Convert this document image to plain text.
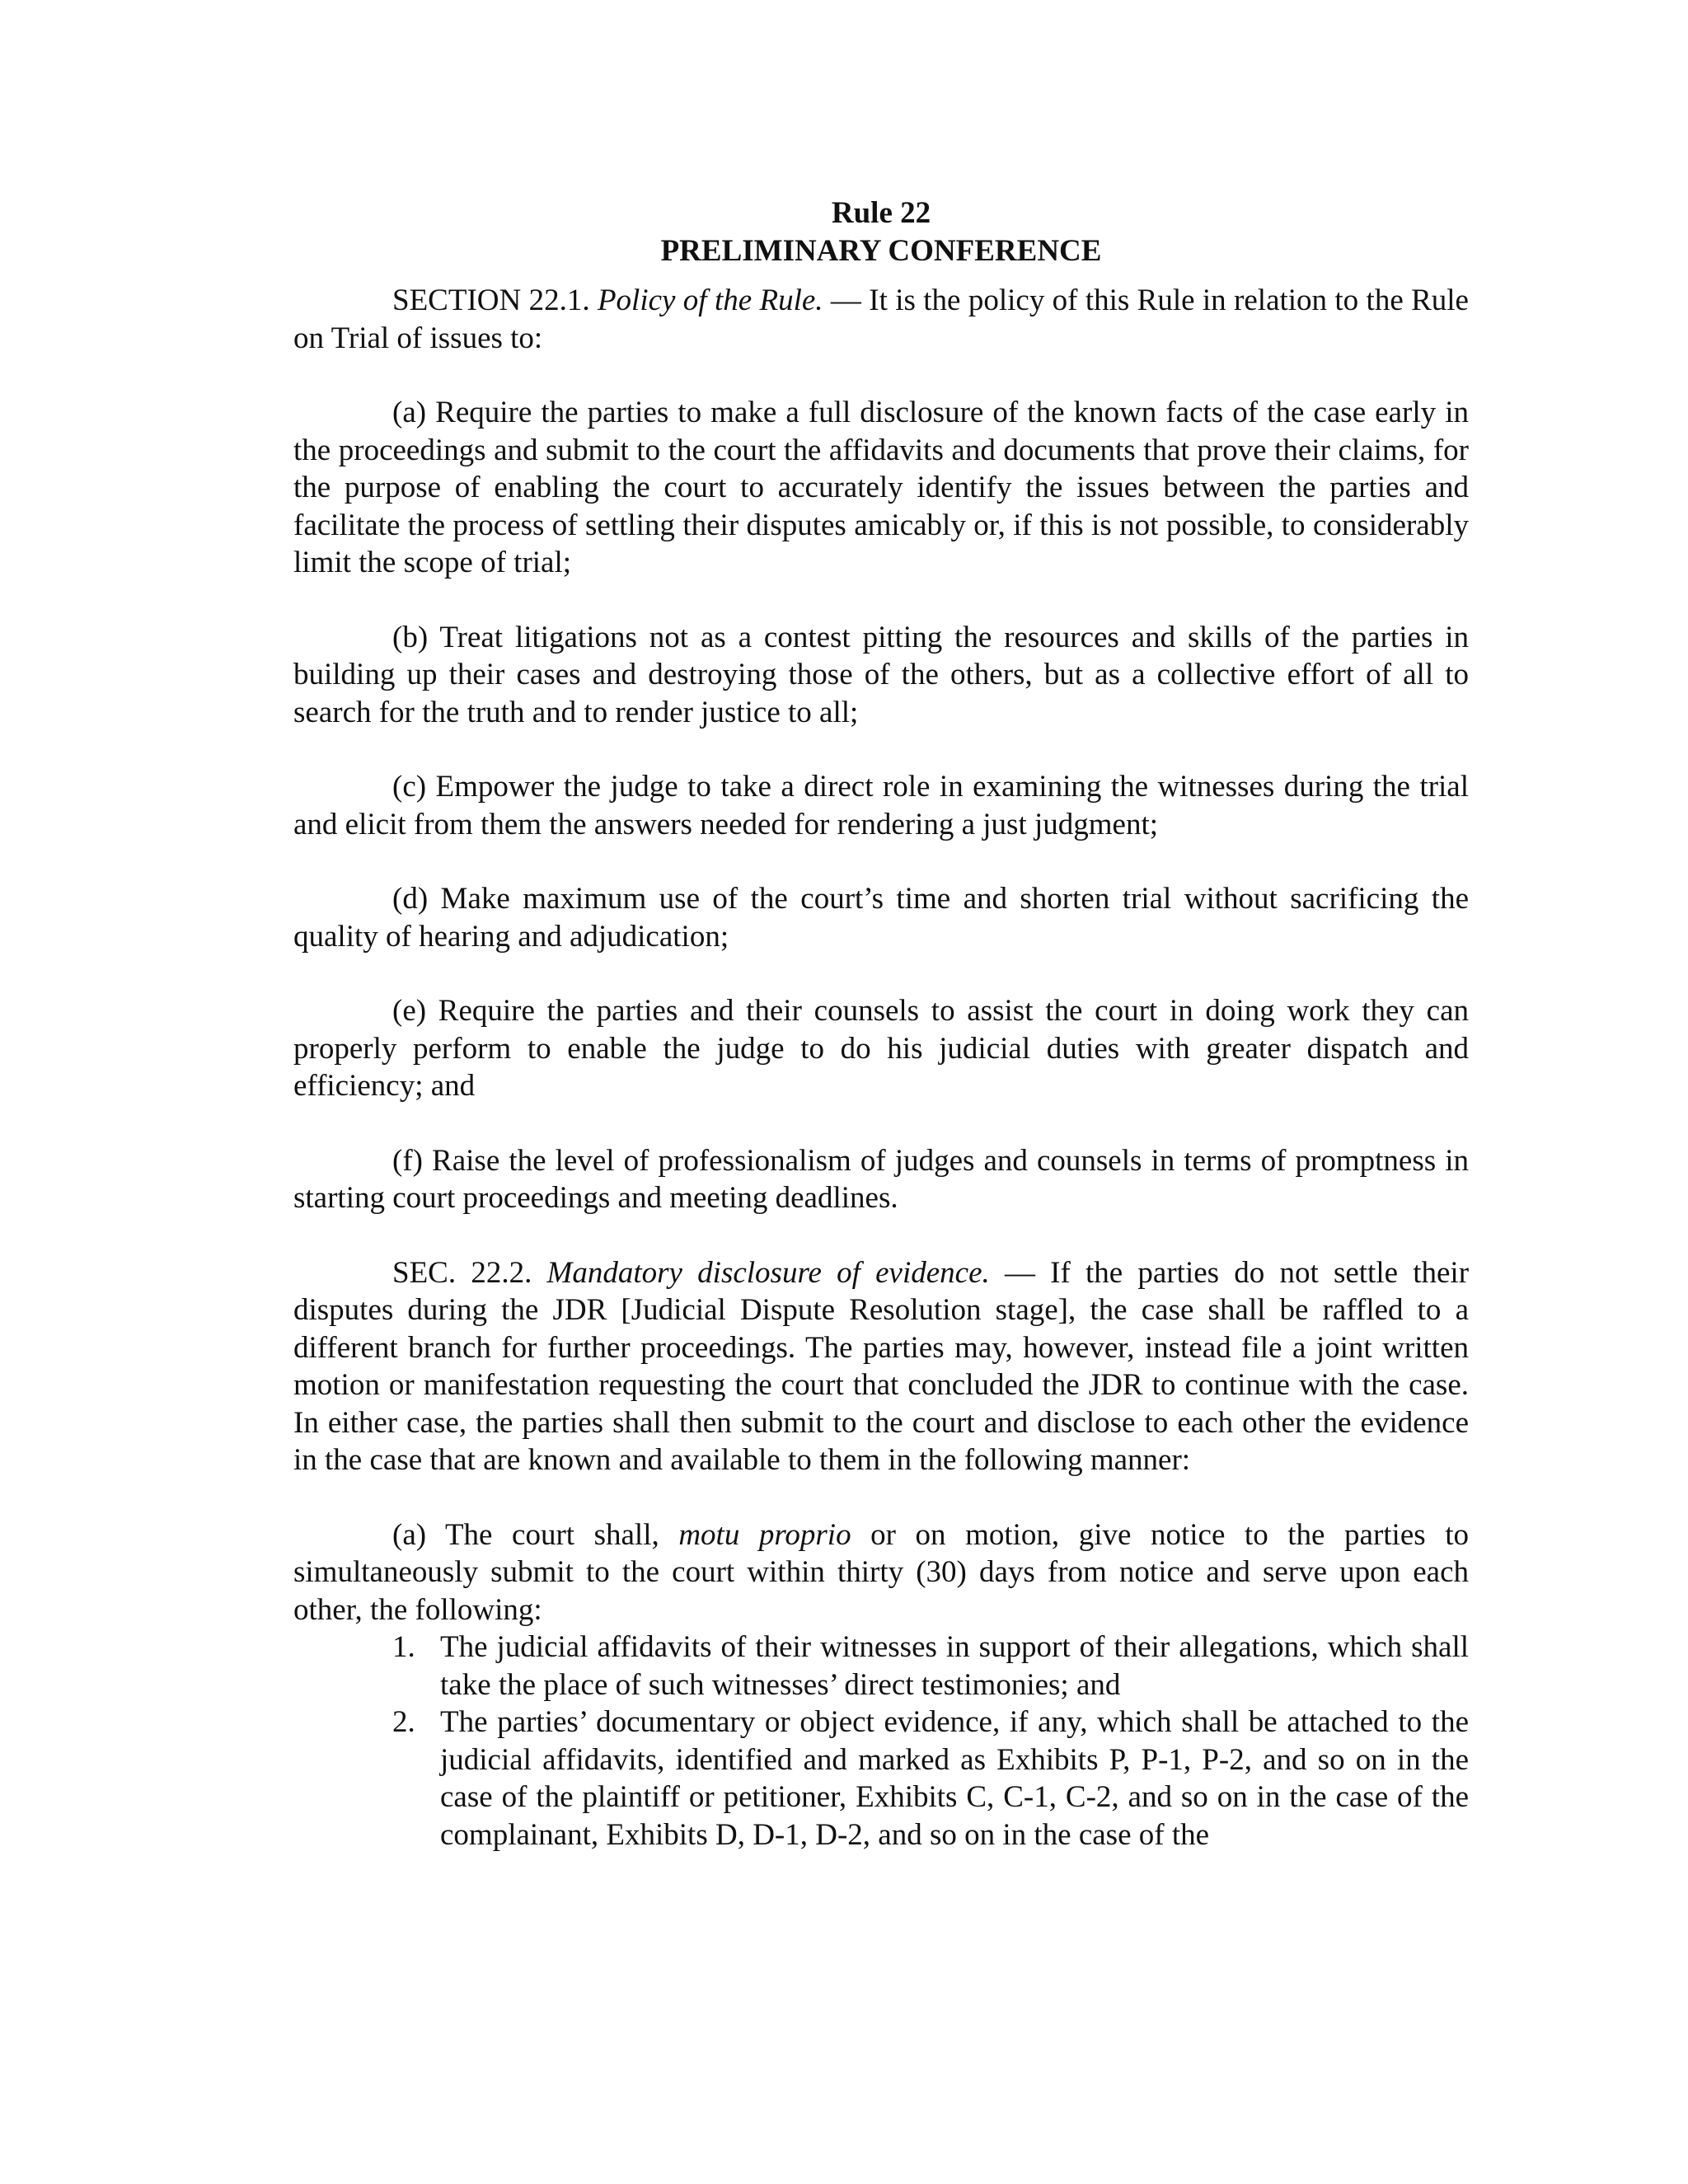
Rule 22
PRELIMINARY CONFERENCE

SECTION 22.1. Policy of the Rule. — It is the policy of this Rule in relation to the Rule on Trial of issues to:

(a) Require the parties to make a full disclosure of the known facts of the case early in the proceedings and submit to the court the affidavits and documents that prove their claims, for the purpose of enabling the court to accurately identify the issues between the parties and facilitate the process of settling their disputes amicably or, if this is not possible, to considerably limit the scope of trial;

(b) Treat litigations not as a contest pitting the resources and skills of the parties in building up their cases and destroying those of the others, but as a collective effort of all to search for the truth and to render justice to all;

(c) Empower the judge to take a direct role in examining the witnesses during the trial and elicit from them the answers needed for rendering a just judgment;

(d) Make maximum use of the court’s time and shorten trial without sacrificing the quality of hearing and adjudication;

(e) Require the parties and their counsels to assist the court in doing work they can properly perform to enable the judge to do his judicial duties with greater dispatch and efficiency; and

(f) Raise the level of professionalism of judges and counsels in terms of promptness in starting court proceedings and meeting deadlines.

SEC. 22.2. Mandatory disclosure of evidence. — If the parties do not settle their disputes during the JDR [Judicial Dispute Resolution stage], the case shall be raffled to a different branch for further proceedings. The parties may, however, instead file a joint written motion or manifestation requesting the court that concluded the JDR to continue with the case. In either case, the parties shall then submit to the court and disclose to each other the evidence in the case that are known and available to them in the following manner:

(a) The court shall, motu proprio or on motion, give notice to the parties to simultaneously submit to the court within thirty (30) days from notice and serve upon each other, the following:

1. The judicial affidavits of their witnesses in support of their allegations, which shall take the place of such witnesses’ direct testimonies; and
2. The parties’ documentary or object evidence, if any, which shall be attached to the judicial affidavits, identified and marked as Exhibits P, P-1, P-2, and so on in the case of the plaintiff or petitioner, Exhibits C, C-1, C-2, and so on in the case of the complainant, Exhibits D, D-1, D-2, and so on in the case of the
